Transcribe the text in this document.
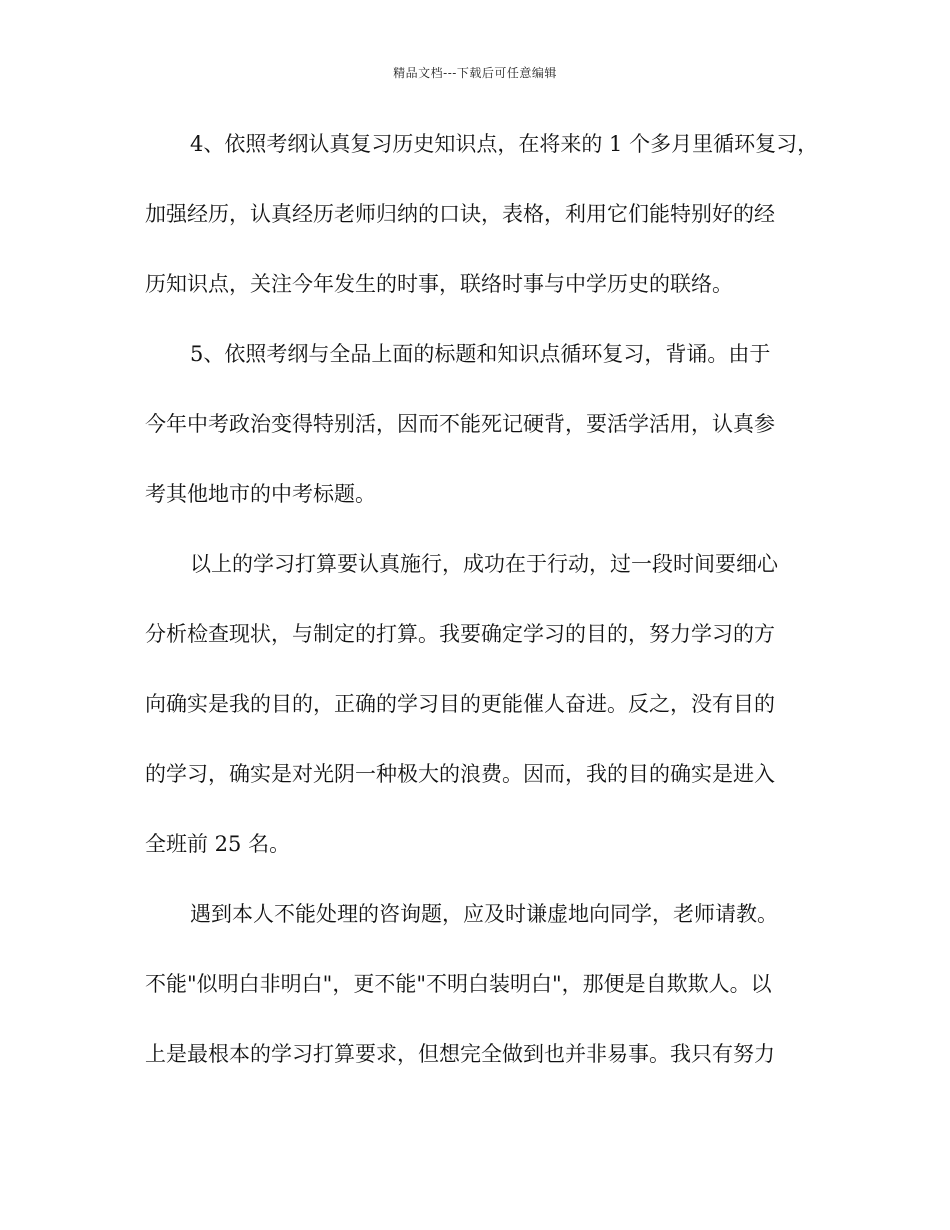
精品文档---下载后可任意编辑
4、依照考纲认真复习历史知识点，在将来的 1 个多月里循环复习，
加强经历，认真经历老师归纳的口诀，表格，利用它们能特别好的经
历知识点，关注今年发生的时事，联络时事与中学历史的联络。
5、依照考纲与全品上面的标题和知识点循环复习，背诵。由于
今年中考政治变得特别活，因而不能死记硬背，要活学活用，认真参
考其他地市的中考标题。
以上的学习打算要认真施行，成功在于行动，过一段时间要细心
分析检查现状，与制定的打算。我要确定学习的目的，努力学习的方
向确实是我的目的，正确的学习目的更能催人奋进。反之，没有目的
的学习，确实是对光阴一种极大的浪费。因而，我的目的确实是进入
全班前 25 名。
遇到本人不能处理的咨询题，应及时谦虚地向同学，老师请教。
不能"似明白非明白"，更不能"不明白装明白"，那便是自欺欺人。以
上是最根本的学习打算要求，但想完全做到也并非易事。我只有努力
